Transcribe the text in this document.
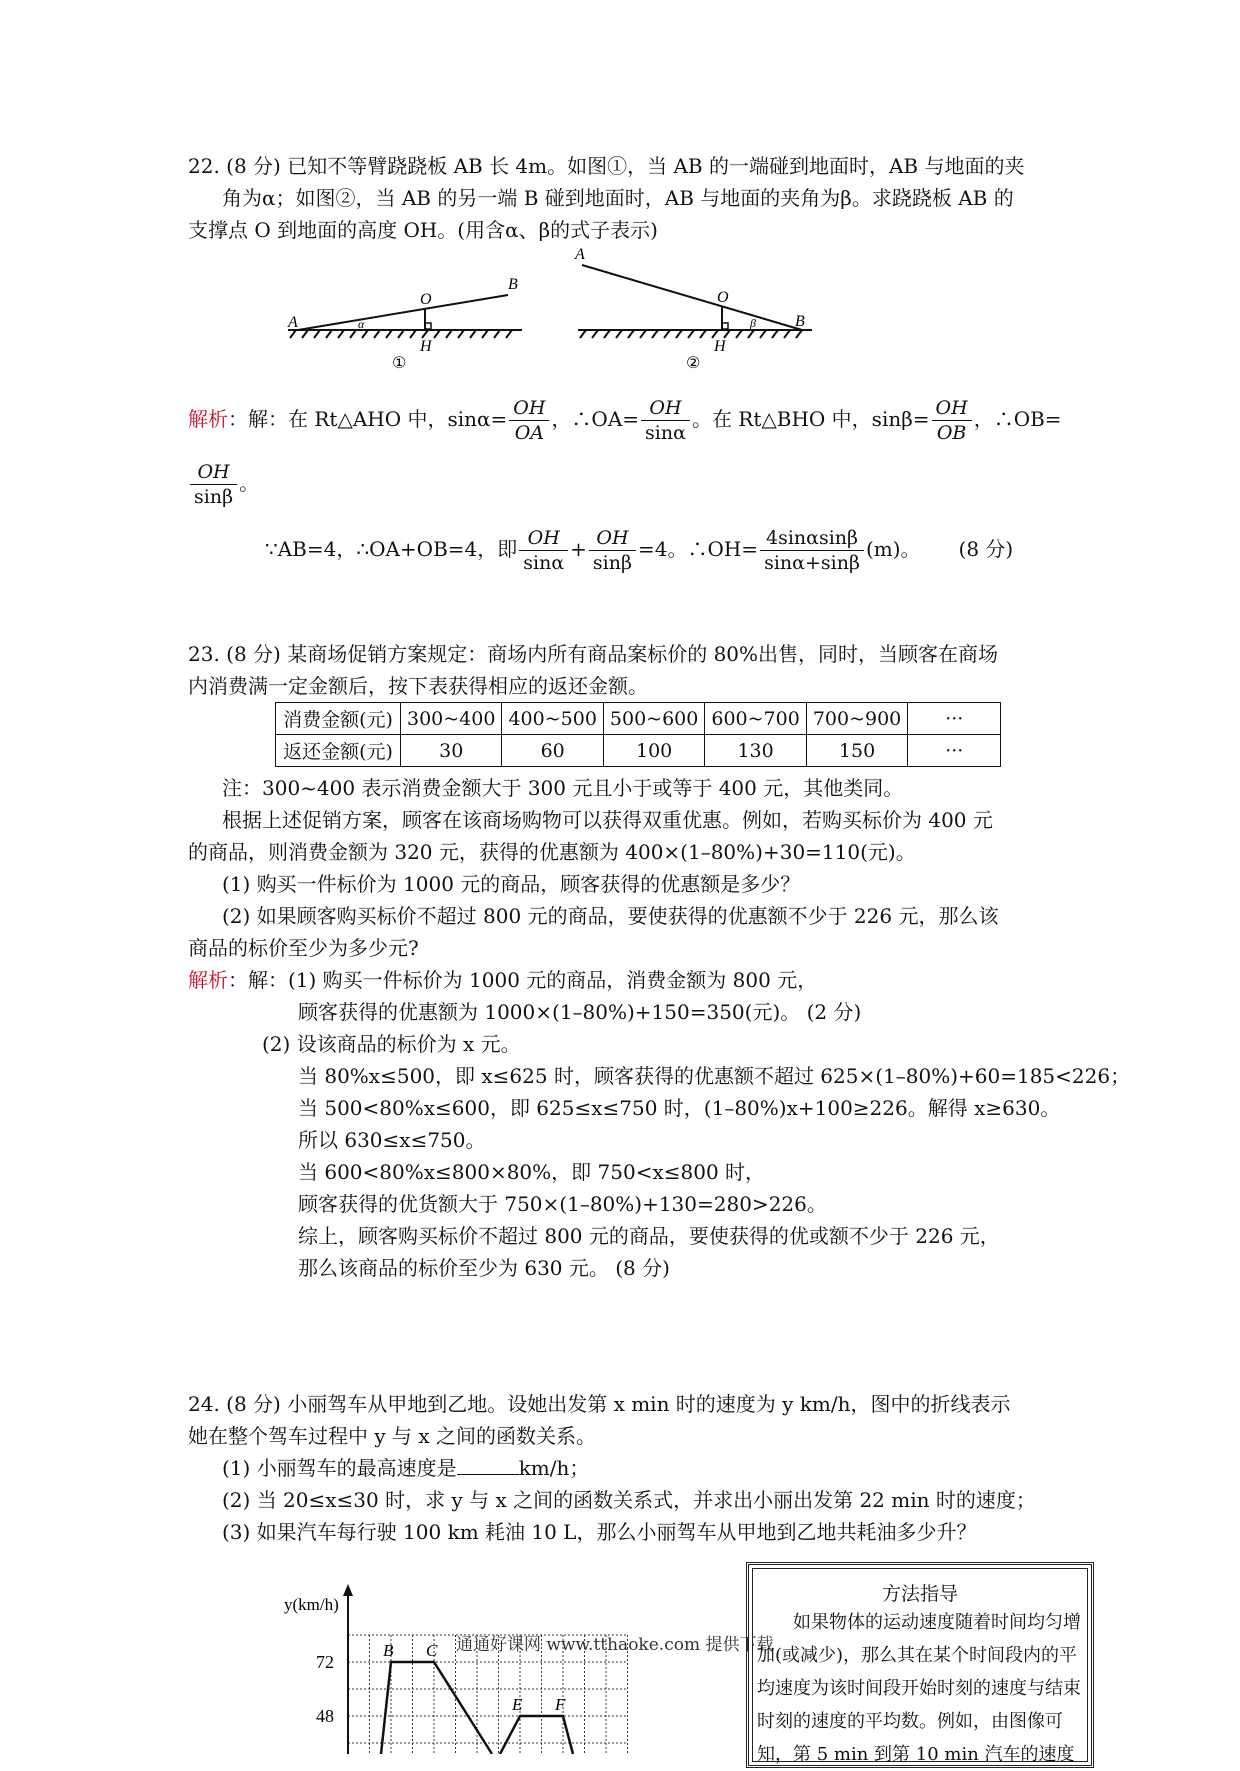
22. (8 分) 已知不等臂跷跷板 AB 长 4m。如图①，当 AB 的一端碰到地面时，AB 与地面的夹
角为α；如图②，当 AB 的另一端 B 碰到地面时，AB 与地面的夹角为β。求跷跷板 AB 的
支撑点 O 到地面的高度 OH。(用含α、β的式子表示)
A	α
O
B
H
①
A
O
β B
H
②
解析：解：在 Rt△AHO 中，$\sin\alpha= \frac{OH}{OA}$ ，∴OA= $\frac{OH}{\sin\alpha}$ 。在 Rt△BHO 中，$\sin\beta= \frac{OH}{OB}$ ，∴OB=
$\frac{OH}{\sin\beta}$ 。
∵AB=4，∴OA+OB=4，即 $\frac{OH}{\sin\alpha} + \frac{OH}{\sin\beta} =4$。∴OH= $\frac{4\sin\alpha\sin\beta}{\sin\alpha+\sin\beta} (m)$。 (8 分)
23. (8 分) 某商场促销方案规定：商场内所有商品案标价的 80%出售，同时，当顾客在商场
内消费满一定金额后，按下表获得相应的返还金额。
消费金额(元)	300~400	400~500	500~600	600~700	700~900	···
返还金额(元)	30	60	100	130	150	···
注：300~400 表示消费金额大于 300 元且小于或等于 400 元，其他类同。
根据上述促销方案，顾客在该商场购物可以获得双重优惠。例如，若购买标价为 400 元
的商品，则消费金额为 320 元，获得的优惠额为 400×(1–80%)+30=110(元)。
(1) 购买一件标价为 1000 元的商品，顾客获得的优惠额是多少？
(2) 如果顾客购买标价不超过 800 元的商品，要使获得的优惠额不少于 226 元，那么该
商品的标价至少为多少元?
解析：解：(1) 购买一件标价为 1000 元的商品，消费金额为 800 元，
顾客获得的优惠额为 1000×(1–80%)+150=350(元)。 (2 分)
(2) 设该商品的标价为 x 元。
当 80%x≤500，即 x≤625 时，顾客获得的优惠额不超过 625×(1–80%)+60=185<226；
当 500<80%x≤600，即 625≤x≤750 时，(1–80%)x+100≥226。解得 x≥630。
所以 630≤x≤750。
当 600<80%x≤800×80%，即 750<x≤800 时，
顾客获得的优货额大于 750×(1–80%)+130=280>226。
综上，顾客购买标价不超过 800 元的商品，要使获得的优或额不少于 226 元，
那么该商品的标价至少为 630 元。 (8 分)
24. (8 分) 小丽驾车从甲地到乙地。设她出发第 x min 时的速度为 y km/h，图中的折线表示
她在整个驾车过程中 y 与 x 之间的函数关系。
(1) 小丽驾车的最高速度是	km/h；
(2) 当 20≤x≤30 时，求 y 与 x 之间的函数关系式，并求出小丽出发第 22 min 时的速度；
(3) 如果汽车每行驶 100 km 耗油 10 L，那么小丽驾车从甲地到乙地共耗油多少升？
y(km/h)
72
48
B C
E F
通通好课网 www.tthaoke.com 提供下载
方法指导
如果物体的运动速度随着时间均匀增加(或减少)，那么其在某个时间段内的平均速度为该时间段开始时刻的速度与结束时刻的速度的平均数。例如，由图像可知，第 5 min 到第 10 min 汽车的速度
